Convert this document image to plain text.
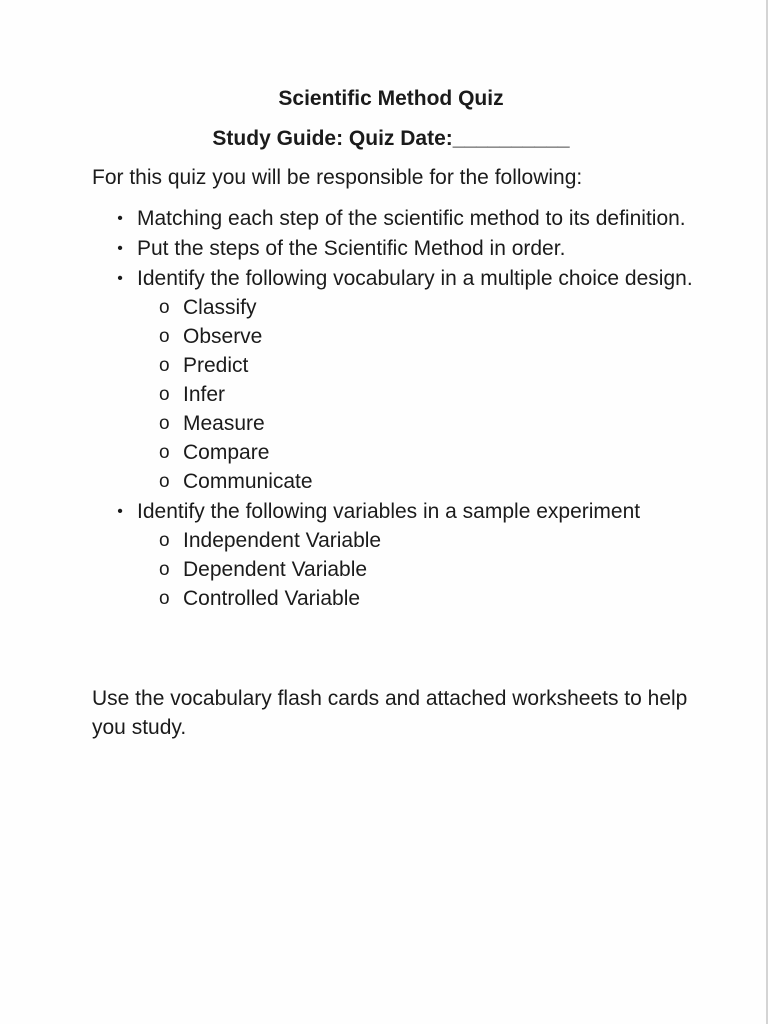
Scientific Method Quiz
Study Guide: Quiz Date:__________
For this quiz you will be responsible for the following:
• Matching each step of the scientific method to its definition.
• Put the steps of the Scientific Method in order.
• Identify the following vocabulary in a multiple choice design.
o Classify
o Observe
o Predict
o Infer
o Measure
o Compare
o Communicate
• Identify the following variables in a sample experiment
o Independent Variable
o Dependent Variable
o Controlled Variable
Use the vocabulary flash cards and attached worksheets to help you study.
